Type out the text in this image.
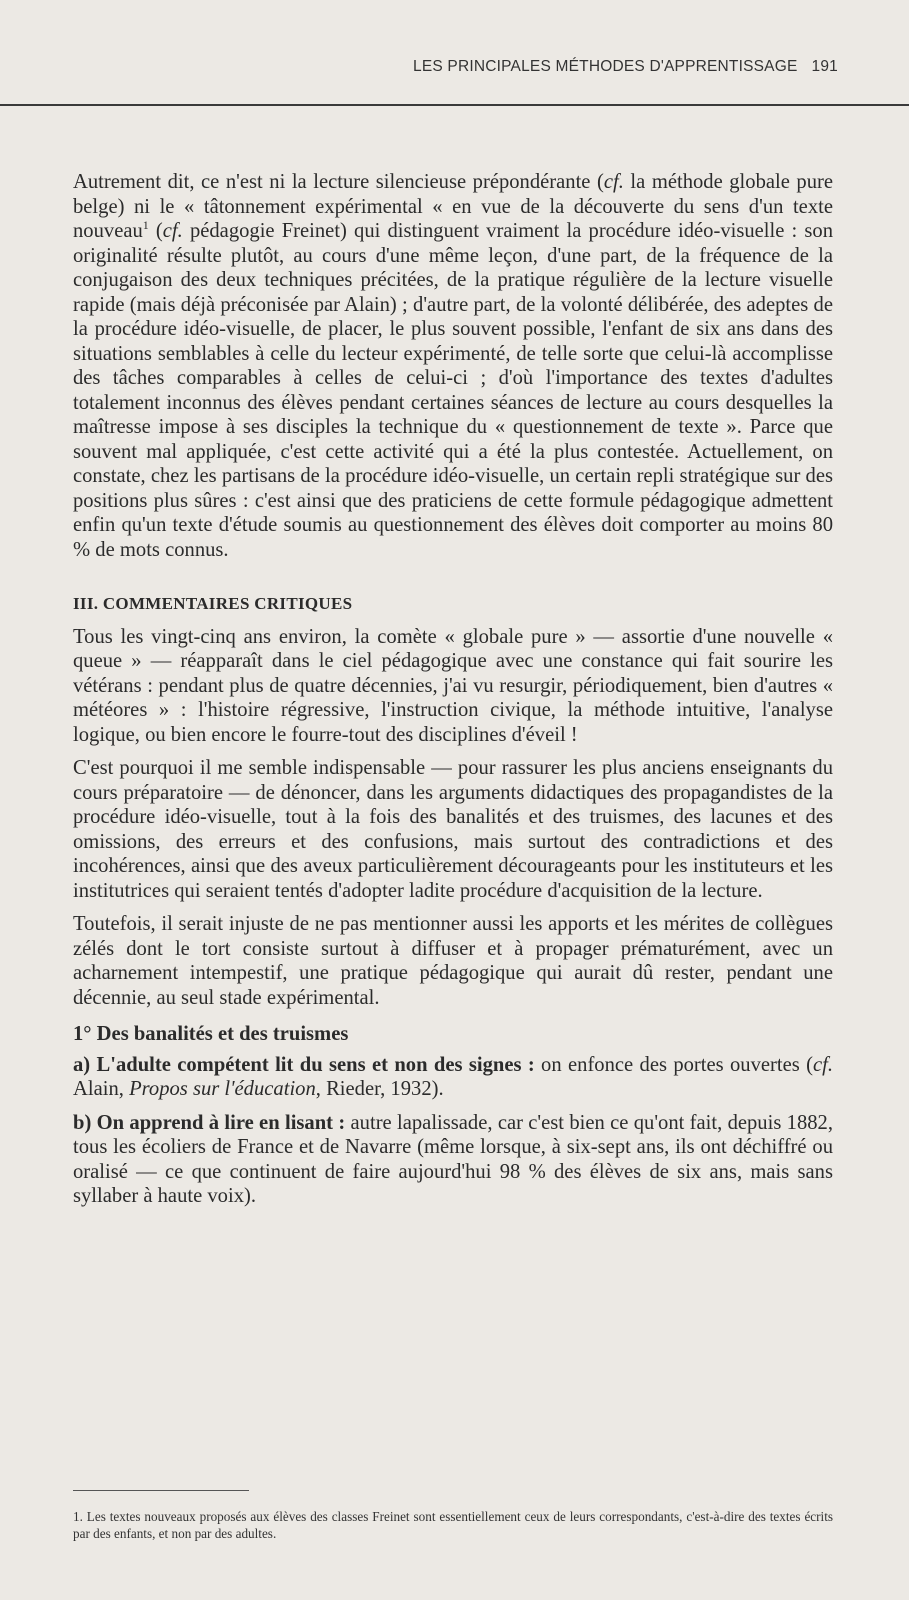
LES PRINCIPALES MÉTHODES D'APPRENTISSAGE 191

Autrement dit, ce n'est ni la lecture silencieuse prépondérante (cf. la méthode globale pure belge) ni le « tâtonnement expérimental « en vue de la découverte du sens d'un texte nouveau$^1$ (cf. pédagogie Freinet) qui distinguent vraiment la procédure idéo-visuelle : son originalité résulte plutôt, au cours d'une même leçon, d'une part, de la fréquence de la conjugaison des deux techniques précitées, de la pratique régulière de la lecture visuelle rapide (mais déjà préconisée par Alain) ; d'autre part, de la volonté délibérée, des adeptes de la procédure idéo-visuelle, de placer, le plus souvent possible, l'enfant de six ans dans des situations semblables à celle du lecteur expérimenté, de telle sorte que celui-là accomplisse des tâches comparables à celles de celui-ci ; d'où l'importance des textes d'adultes totalement inconnus des élèves pendant certaines séances de lecture au cours desquelles la maîtresse impose à ses disciples la technique du « questionnement de texte ». Parce que souvent mal appliquée, c'est cette activité qui a été la plus contestée. Actuellement, on constate, chez les partisans de la procédure idéo-visuelle, un certain repli stratégique sur des positions plus sûres : c'est ainsi que des praticiens de cette formule pédagogique admettent enfin qu'un texte d'étude soumis au questionnement des élèves doit comporter au moins 80 % de mots connus.

III. COMMENTAIRES CRITIQUES

Tous les vingt-cinq ans environ, la comète « globale pure » — assortie d'une nouvelle « queue » — réapparaît dans le ciel pédagogique avec une constance qui fait sourire les vétérans : pendant plus de quatre décennies, j'ai vu resurgir, périodiquement, bien d'autres « météores » : l'histoire régressive, l'instruction civique, la méthode intuitive, l'analyse logique, ou bien encore le fourre-tout des disciplines d'éveil !

C'est pourquoi il me semble indispensable — pour rassurer les plus anciens enseignants du cours préparatoire — de dénoncer, dans les arguments didactiques des propagandistes de la procédure idéo-visuelle, tout à la fois des banalités et des truismes, des lacunes et des omissions, des erreurs et des confusions, mais surtout des contradictions et des incohérences, ainsi que des aveux particulièrement décourageants pour les instituteurs et les institutrices qui seraient tentés d'adopter ladite procédure d'acquisition de la lecture.

Toutefois, il serait injuste de ne pas mentionner aussi les apports et les mérites de collègues zélés dont le tort consiste surtout à diffuser et à propager prématurément, avec un acharnement intempestif, une pratique pédagogique qui aurait dû rester, pendant une décennie, au seul stade expérimental.

1° Des banalités et des truismes

a) L'adulte compétent lit du sens et non des signes : on enfonce des portes ouvertes (cf. Alain, Propos sur l'éducation, Rieder, 1932).

b) On apprend à lire en lisant : autre lapalissade, car c'est bien ce qu'ont fait, depuis 1882, tous les écoliers de France et de Navarre (même lorsque, à six-sept ans, ils ont déchiffré ou oralisé — ce que continuent de faire aujourd'hui 98 % des élèves de six ans, mais sans syllaber à haute voix).

1. Les textes nouveaux proposés aux élèves des classes Freinet sont essentiellement ceux de leurs correspondants, c'est-à-dire des textes écrits par des enfants, et non par des adultes.
